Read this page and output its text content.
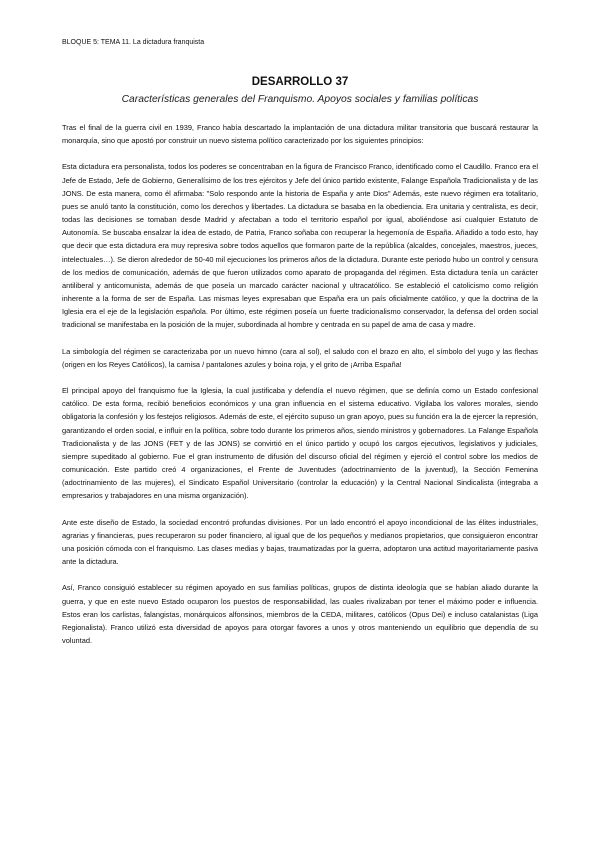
BLOQUE 5: TEMA 11. La dictadura franquista
DESARROLLO 37
Características generales del Franquismo. Apoyos sociales y familias políticas

Tras el final de la guerra civil en 1939, Franco había descartado la implantación de una dictadura militar transitoria que buscará restaurar la monarquía, sino que apostó por construir un nuevo sistema político caracterizado por los siguientes principios:

Esta dictadura era personalista, todos los poderes se concentraban en la figura de Francisco Franco, identificado como el Caudillo. Franco era el Jefe de Estado, Jefe de Gobierno, Generalísimo de los tres ejércitos y Jefe del único partido existente, Falange Española Tradicionalista y de las JONS. De esta manera, como él afirmaba: "Solo respondo ante la historia de España y ante Dios" Además, este nuevo régimen era totalitario, pues se anuló tanto la constitución, como los derechos y libertades. La dictadura se basaba en la obediencia. Era unitaria y centralista, es decir, todas las decisiones se tomaban desde Madrid y afectaban a todo el territorio español por igual, aboliéndose asi cualquier Estatuto de Autonomía. Se buscaba ensalzar la idea de estado, de Patria, Franco soñaba con recuperar la hegemonía de España. Añadido a todo esto, hay que decir que esta dictadura era muy represiva sobre todos aquellos que formaron parte de la república (alcaldes, concejales, maestros, jueces, intelectuales…). Se dieron alrededor de 50-40 mil ejecuciones los primeros años de la dictadura. Durante este periodo hubo un control y censura de los medios de comunicación, además de que fueron utilizados como aparato de propaganda del régimen. Esta dictadura tenía un carácter antiliberal y anticomunista, además de que poseía un marcado carácter nacional y ultracatólico. Se estableció el catolicismo como religión inherente a la forma de ser de España. Las mismas leyes expresaban que España era un país oficialmente católico, y que la doctrina de la Iglesia era el eje de la legislación española. Por último, este régimen poseía un fuerte tradicionalismo conservador, la defensa del orden social tradicional se manifestaba en la posición de la mujer, subordinada al hombre y centrada en su papel de ama de casa y madre.

La simbología del régimen se caracterizaba por un nuevo himno (cara al sol), el saludo con el brazo en alto, el símbolo del yugo y las flechas (origen en los Reyes Católicos), la camisa / pantalones azules y boina roja, y el grito de ¡Arriba España!

El principal apoyo del franquismo fue la Iglesia, la cual justificaba y defendía el nuevo régimen, que se definía como un Estado confesional católico. De esta forma, recibió beneficios económicos y una gran influencia en el sistema educativo. Vigilaba los valores morales, siendo obligatoria la confesión y los festejos religiosos. Además de este, el ejército supuso un gran apoyo, pues su función era la de ejercer la represión, garantizando el orden social, e influir en la política, sobre todo durante los primeros años, siendo ministros y gobernadores. La Falange Española Tradicionalista y de las JONS (FET y de las JONS) se convirtió en el único partido y ocupó los cargos ejecutivos, legislativos y judiciales, siempre supeditado al gobierno. Fue el gran instrumento de difusión del discurso oficial del régimen y ejerció el control sobre los medios de comunicación. Este partido creó 4 organizaciones, el Frente de Juventudes (adoctrinamiento de la juventud), la Sección Femenina (adoctrinamiento de las mujeres), el Sindicato Español Universitario (controlar la educación) y la Central Nacional Sindicalista (integraba a empresarios y trabajadores en una misma organización).

Ante este diseño de Estado, la sociedad encontró profundas divisiones. Por un lado encontró el apoyo incondicional de las élites industriales, agrarias y financieras, pues recuperaron su poder financiero, al igual que de los pequeños y medianos propietarios, que consiguieron encontrar una posición cómoda con el franquismo. Las clases medias y bajas, traumatizadas por la guerra, adoptaron una actitud mayoritariamente pasiva ante la dictadura.

Así, Franco consiguió establecer su régimen apoyado en sus familias políticas, grupos de distinta ideología que se habían aliado durante la guerra, y que en este nuevo Estado ocuparon los puestos de responsabilidad, las cuales rivalizaban por tener el máximo poder e influencia. Estos eran los carlistas, falangistas, monárquicos alfonsinos, miembros de la CEDA, militares, católicos (Opus Dei) e incluso catalanistas (Liga Regionalista). Franco utilizó esta diversidad de apoyos para otorgar favores a unos y otros manteniendo un equilibrio que dependía de su voluntad.
